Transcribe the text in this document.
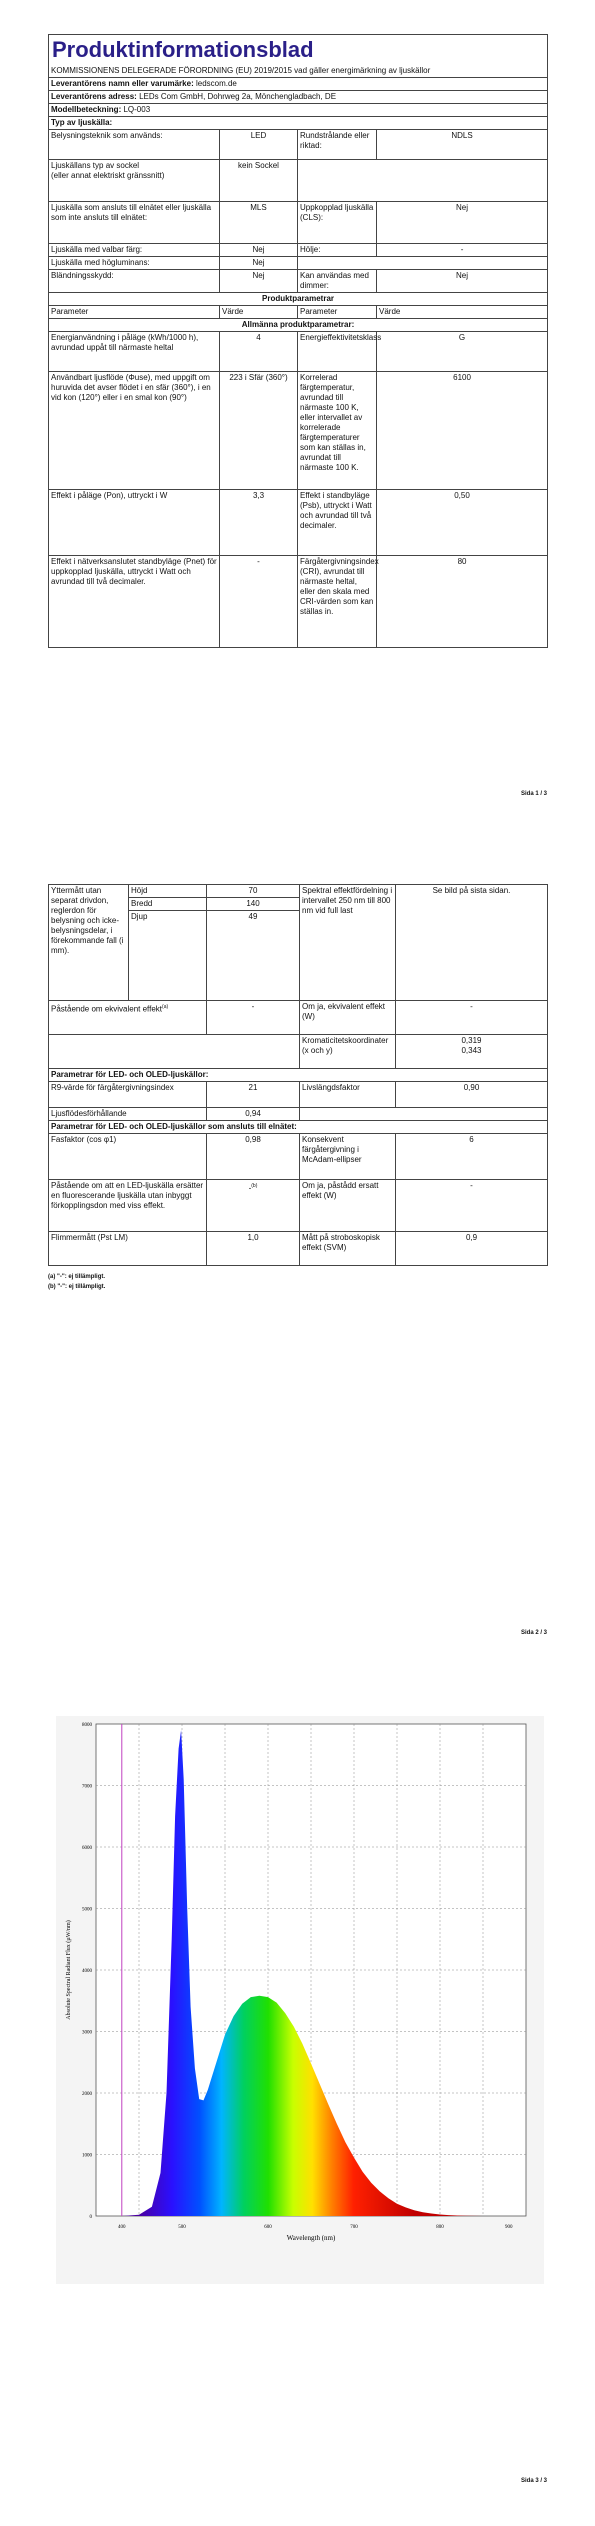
Produktinformationsblad			

KOMMISSIONENS DELEGERADE FÖRORDNING (EU) 2019/2015 vad gäller energimärkning av ljuskällor			
Leverantörens namn eller varumärke: ledscom.de			
Leverantörens adress: LEDs Com GmbH, Dohrweg 2a, Mönchengladbach, DE			
Modellbeteckning: LQ-003			
Typ av ljuskälla:			
Belysningsteknik som används:	LED	Rundstrålande eller riktad:	NDLS

Ljuskällans typ av sockel
(eller annat elektriskt gränssnitt)	kein Sockel		
Ljuskälla som ansluts till elnätet eller ljuskälla som inte ansluts till elnätet:	MLS	Uppkopplad ljuskälla (CLS):	Nej
Ljuskälla med valbar färg:	Nej	Hölje:	-
Ljuskälla med högluminans:	Nej		
Bländningsskydd:	Nej	Kan användas med dimmer:	Nej
Produktparametrar			
Parameter	Värde	Parameter	Värde
Allmänna produktparametrar:			
Energianvändning i påläge (kWh/1000 h), avrundad uppåt till närmaste heltal	4	Energieffektivitetsklass	G
Användbart ljusflöde (Φuse), med uppgift om huruvida det avser flödet i en sfär (360°), i en vid kon (120°) eller i en smal kon (90°)	223 i Sfär (360°)	Korrelerad färgtemperatur, avrundad till närmaste 100 K, eller intervallet av korrelerade färgtemperaturer som kan ställas in, avrundat till närmaste 100 K.	6100
Effekt i påläge (Pon), uttryckt i W	3,3	Effekt i standbyläge (Psb), uttryckt i Watt och avrundad till två decimaler.	0,50
Effekt i nätverksanslutet standbyläge (Pnet) för uppkopplad ljuskälla, uttryckt i Watt och avrundad till två decimaler.	-	Färgåtergivningsindex (CRI), avrundat till närmaste heltal, eller den skala med CRI-värden som kan ställas in.	80
Sida 1 / 3
Yttermått utan separat drivdon, reglerdon för belysning och icke-belysningsdelar, i förekommande fall (i mm).	Höjd	70	Spektral effektfördelning i intervallet 250 nm till 800 nm vid full last	Se bild på sista sidan.
	Bredd	140		
	Djup	49		
Påstående om ekvivalent effekt$^{(a)}$		-	Om ja, ekvivalent effekt (W)	-
			Kromaticitetskoordinater (x och y)	0,319
0,343

Parametrar för LED- och OLED-ljuskällor:				
R9-värde för färgåtergivningsindex		21	Livslängdsfaktor	0,90
Ljusflödesförhållande		0,94		
Parametrar för LED- och OLED-ljuskällor som ansluts till elnätet:				
Fasfaktor (cos φ1)		0,98	Konsekvent färgåtergivning i McAdam-ellipser	6
Påstående om att en LED-ljuskälla ersätter en fluorescerande ljuskälla utan inbyggt förkopplingsdon med viss effekt.		-$^{(b)}$	Om ja, påstådd ersatt effekt (W)	-
Flimmermått (Pst LM)		1,0	Mått på stroboskopisk effekt (SVM)	0,9
(a) "-": ej tillämpligt.
(b) "-": ej tillämpligt.
Sida 2 / 3
0
1000
2000
3000
4000
5000
6000
7000
8000
400	500	600	700	800	900
Wavelength (nm)
Absolute Spectral Radiant Flux (µW/nm)
Sida 3 / 3
